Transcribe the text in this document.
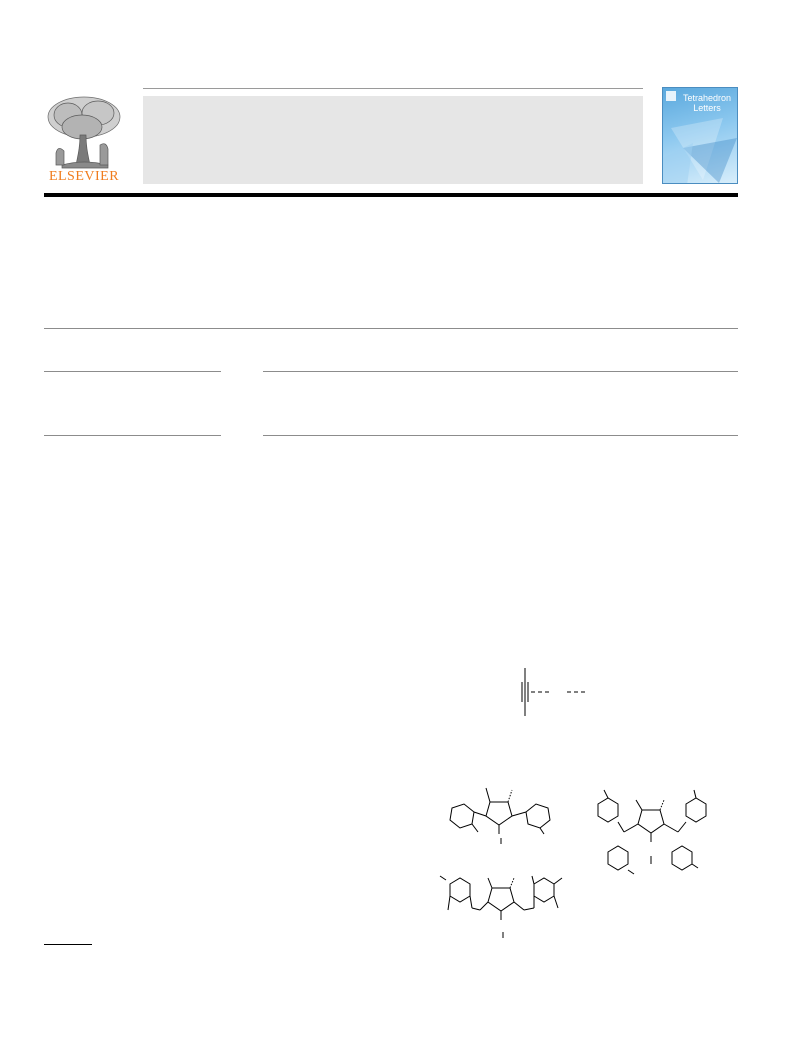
ELSEVIER
Tetrahedron Letters
